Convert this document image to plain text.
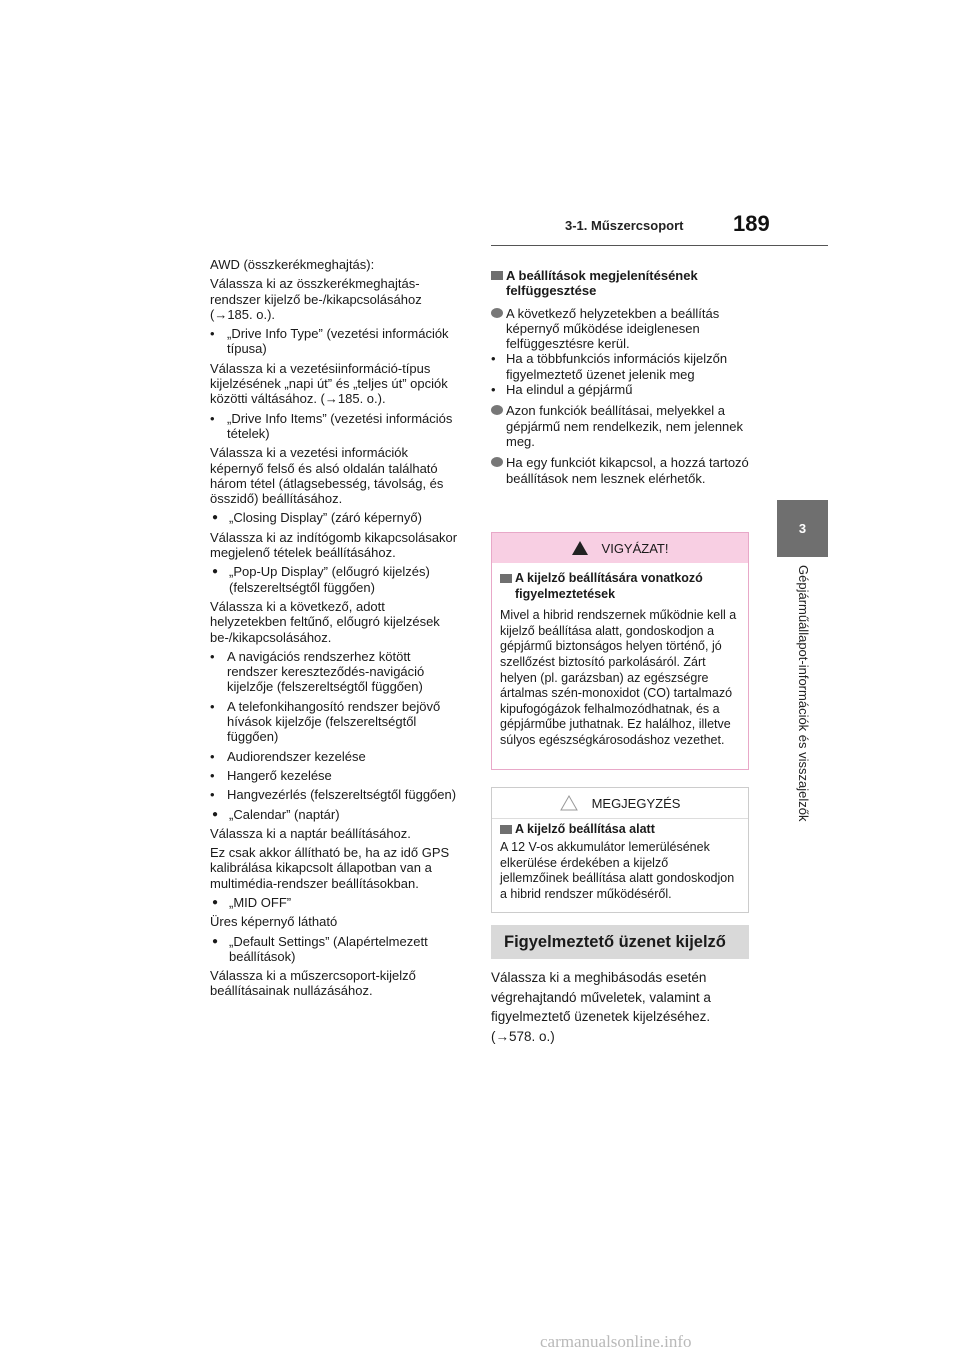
3-1. Műszercsoport 189
3
Gépjárműállapot-információk és visszajelzők

AWD (összkerékmeghajtás):

Válassza ki az összkerékmeghajtás-rendszer kijelző be-/kikapcsolásához (→185. o.).

• „Drive Info Type” (vezetési információk típusa)

Válassza ki a vezetésiinformáció-típus kijelzésének „napi út” és „teljes út” opciók közötti váltásához. (→185. o.).

• „Drive Info Items” (vezetési információs tételek)

Válassza ki a vezetési információk képernyő felső és alsó oldalán található három tétel (átlagsebesség, távolság, és összidő) beállításához.

● „Closing Display” (záró képernyő)

Válassza ki az indítógomb kikapcsolásakor megjelenő tételek beállításához.

● „Pop-Up Display” (előugró kijelzés) (felszereltségtől függően)

Válassza ki a következő, adott helyzetekben feltűnő, előugró kijelzések be-/kikapcsolásához.

• A navigációs rendszerhez kötött rendszer kereszteződés-navigáció kijelzője (felszereltségtől függően)
• A telefonkihangosító rendszer bejövő hívások kijelzője (felszereltségtől függően)
• Audiorendszer kezelése
• Hangerő kezelése
• Hangvezérlés (felszereltségtől függően)
● „Calendar” (naptár)

Válassza ki a naptár beállításához.

Ez csak akkor állítható be, ha az idő GPS kalibrálása kikapcsolt állapotban van a multimédia-rendszer beállításokban.

● „MID OFF”

Üres képernyő látható

● „Default Settings” (Alapértelmezett beállítások)

Válassza ki a műszercsoport-kijelző beállításainak nullázásához.

A beállítások megjelenítésének felfüggesztése
A következő helyzetekben a beállítás képernyő működése ideiglenesen felfüggesztésre kerül.
• Ha a többfunkciós információs kijelzőn figyelmeztető üzenet jelenik meg
• Ha elindul a gépjármű
Azon funkciók beállításai, melyekkel a gépjármű nem rendelkezik, nem jelennek meg.
Ha egy funkciót kikapcsol, a hozzá tartozó beállítások nem lesznek elérhetők.
VIGYÁZAT!
A kijelző beállítására vonatkozó figyelmeztetések
Mivel a hibrid rendszernek működnie kell a kijelző beállítása alatt, gondoskodjon a gépjármű biztonságos helyen történő, jó szellőzést biztosító parkolásáról. Zárt helyen (pl. garázsban) az egészségre ártalmas szén-monoxidot (CO) tartalmazó kipufogógázok felhalmozódhatnak, és a gépjárműbe juthatnak. Ez halálhoz, illetve súlyos egészségkárosodáshoz vezethet.
MEGJEGYZÉS
A kijelző beállítása alatt
A 12 V-os akkumulátor lemerülésének elkerülése érdekében a kijelző jellemzőinek beállítása alatt gondoskodjon a hibrid rendszer működéséről.
Figyelmeztető üzenet kijelző

Válassza ki a meghibásodás esetén végrehajtandó műveletek, valamint a figyelmeztető üzenetek kijelzéséhez. (→578. o.)

carmanualsonline.info
